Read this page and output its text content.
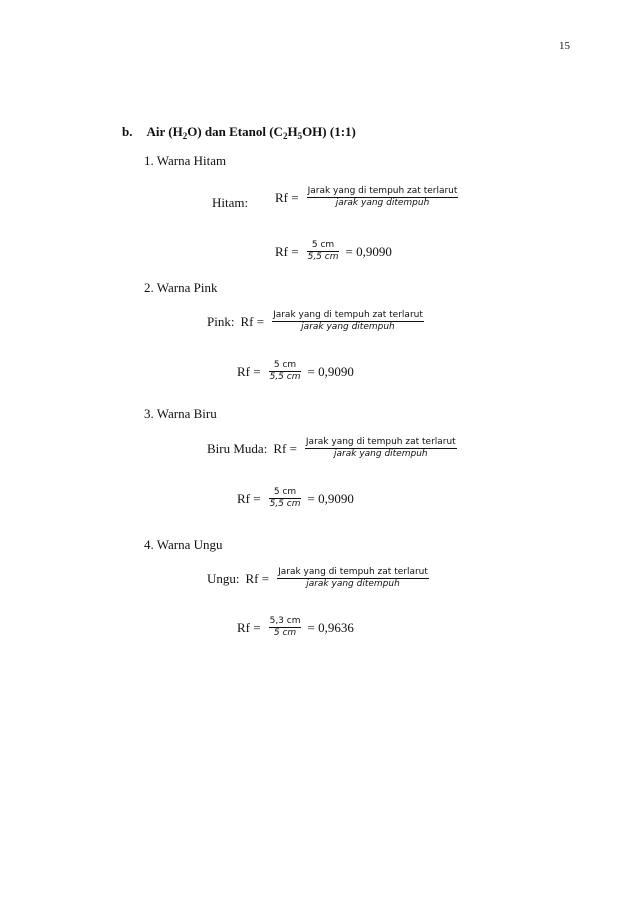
15
b. Air $(H_2O)$ dan Etanol $(C_2H_5OH)$ (1:1)
1. Warna Hitam
Hitam: $Rf = \frac{\text{Jarak yang di tempuh zat terlarut}}{\text{jarak yang ditempuh}}$
$Rf = \frac{5 cm}{5,5 cm} = 0,9090$
2. Warna Pink
Pink: $Rf = \frac{\text{Jarak yang di tempuh zat terlarut}}{\text{jarak yang ditempuh}}$
$Rf = \frac{5 cm}{5,5 cm} = 0,9090$
3. Warna Biru
Biru Muda: $Rf = \frac{\text{Jarak yang di tempuh zat terlarut}}{\text{jarak yang ditempuh}}$
$Rf = \frac{5 cm}{5,5 cm} = 0,9090$
4. Warna Ungu
Ungu: $Rf = \frac{\text{Jarak yang di tempuh zat terlarut}}{\text{jarak yang ditempuh}}$
$Rf = \frac{5,3 cm}{5 cm} = 0,9636$
